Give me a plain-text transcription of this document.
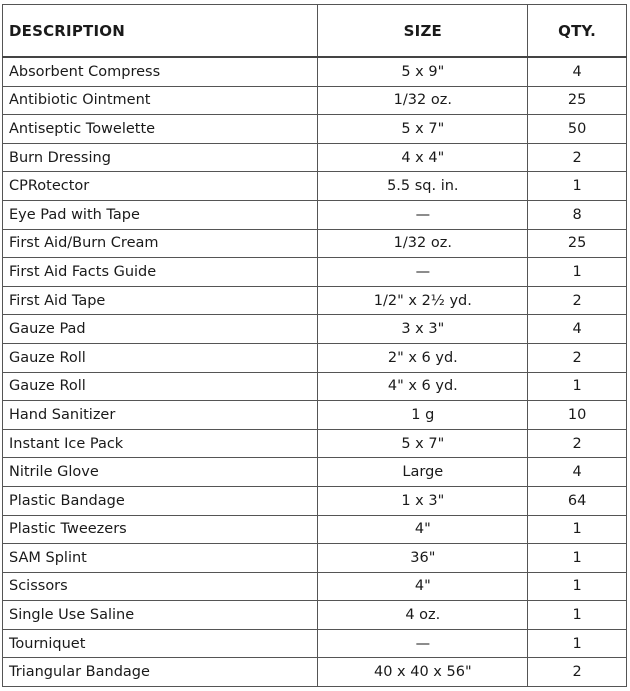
DESCRIPTION	SIZE	QTY.
Absorbent Compress	5 x 9"	4
Antibiotic Ointment	1/32 oz.	25
Antiseptic Towelette	5 x 7"	50
Burn Dressing	4 x 4"	2
CPRotector	5.5 sq. in.	1
Eye Pad with Tape	—	8
First Aid/Burn Cream	1/32 oz.	25
First Aid Facts Guide	—	1
First Aid Tape	1/2" x 2½ yd.	2
Gauze Pad	3 x 3"	4
Gauze Roll	2" x 6 yd.	2
Gauze Roll	4" x 6 yd.	1
Hand Sanitizer	1 g	10
Instant Ice Pack	5 x 7"	2
Nitrile Glove	Large	4
Plastic Bandage	1 x 3"	64
Plastic Tweezers	4"	1
SAM Splint	36"	1
Scissors	4"	1
Single Use Saline	4 oz.	1
Tourniquet	—	1
Triangular Bandage	40 x 40 x 56"	2
